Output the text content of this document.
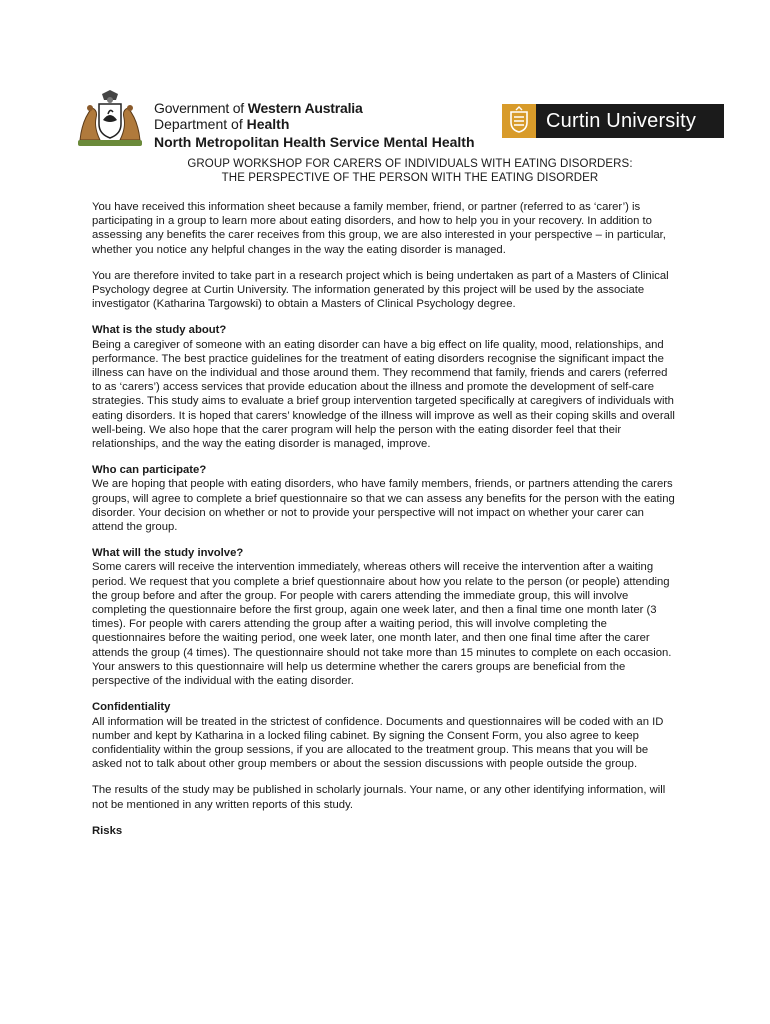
Government of Western Australia
Department of Health
North Metropolitan Health Service Mental Health
Curtin University
GROUP WORKSHOP FOR CARERS OF INDIVIDUALS WITH EATING DISORDERS:
THE PERSPECTIVE OF THE PERSON WITH THE EATING DISORDER

You have received this information sheet because a family member, friend, or partner (referred to as ‘carer’) is participating in a group to learn more about eating disorders, and how to help you in your recovery. In addition to assessing any benefits the carer receives from this group, we are also interested in your perspective – in particular, whether you notice any helpful changes in the way the eating disorder is managed.

You are therefore invited to take part in a research project which is being undertaken as part of a Masters of Clinical Psychology degree at Curtin University. The information generated by this project will be used by the associate investigator (Katharina Targowski) to obtain a Masters of Clinical Psychology degree.

What is the study about?
Being a caregiver of someone with an eating disorder can have a big effect on life quality, mood, relationships, and performance. The best practice guidelines for the treatment of eating disorders recognise the significant impact the illness can have on the individual and those around them. They recommend that family, friends and carers (referred to as ‘carers’) access services that provide education about the illness and promote the development of self-care strategies. This study aims to evaluate a brief group intervention targeted specifically at caregivers of individuals with eating disorders. It is hoped that carers’ knowledge of the illness will improve as well as their coping skills and overall well-being. We also hope that the carer program will help the person with the eating disorder feel that their relationships, and the way the eating disorder is managed, improve.
Who can participate?
We are hoping that people with eating disorders, who have family members, friends, or partners attending the carers groups, will agree to complete a brief questionnaire so that we can assess any benefits for the person with the eating disorder. Your decision on whether or not to provide your perspective will not impact on whether your carer can attend the group.
What will the study involve?
Some carers will receive the intervention immediately, whereas others will receive the intervention after a waiting period. We request that you complete a brief questionnaire about how you relate to the person (or people) attending the group before and after the group. For people with carers attending the immediate group, this will involve completing the questionnaire before the first group, again one week later, and then a final time one month later (3 times). For people with carers attending the group after a waiting period, this will involve completing the questionnaires before the waiting period, one week later, one month later, and then one final time after the carer attends the group (4 times). The questionnaire should not take more than 15 minutes to complete on each occasion. Your answers to this questionnaire will help us determine whether the carers groups are beneficial from the perspective of the individual with the eating disorder.
Confidentiality
All information will be treated in the strictest of confidence. Documents and questionnaires will be coded with an ID number and kept by Katharina in a locked filing cabinet. By signing the Consent Form, you also agree to keep confidentiality within the group sessions, if you are allocated to the treatment group. This means that you will be asked not to talk about other group members or about the session discussions with people outside the group.

The results of the study may be published in scholarly journals. Your name, or any other identifying information, will not be mentioned in any written reports of this study.

Risks
